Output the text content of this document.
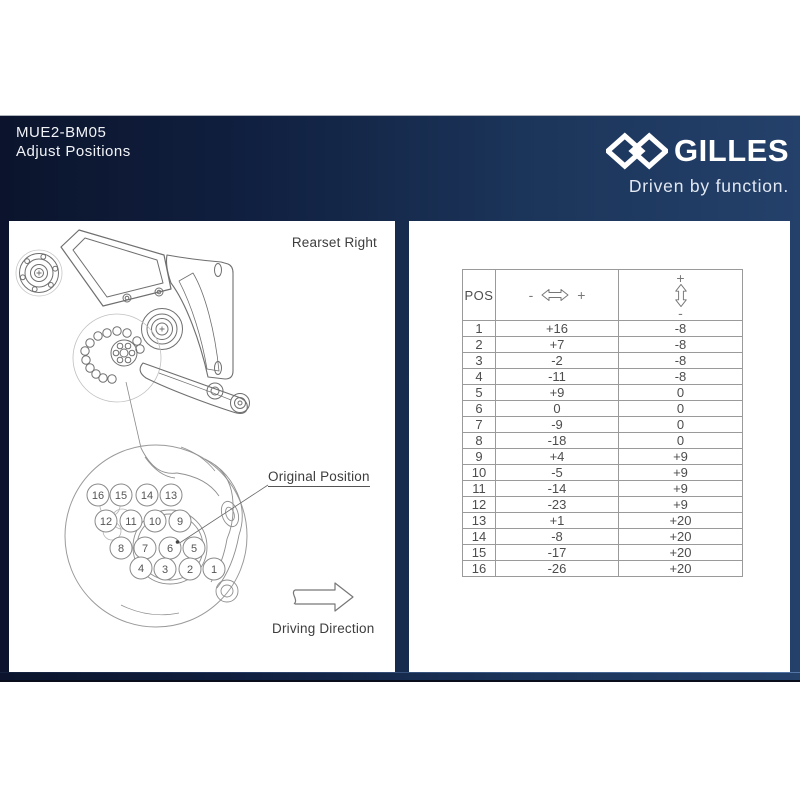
MUE2-BM05
Adjust Positions	GILLES
Driven by function.
16 15 14 13
12 11 10 9
8 7 6 5
4 3 2 1
Rearset Right
Original Position
Driving Direction
POS	- +	+
-

1	+16	-8
2	+7	-8
3	-2	-8
4	-11	-8
5	+9	0
6	0	0
7	-9	0
8	-18	0
9	+4	+9
10	-5	+9
11	-14	+9
12	-23	+9
13	+1	+20
14	-8	+20
15	-17	+20
16	-26	+20
